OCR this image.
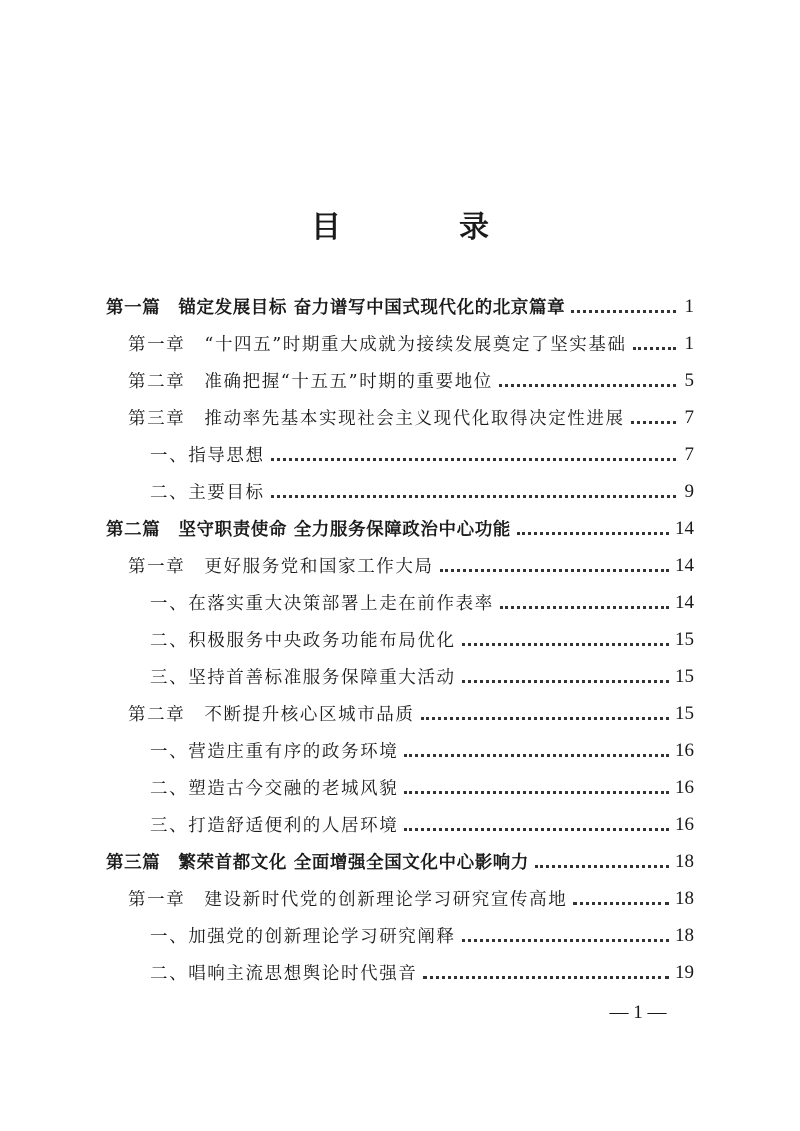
目　录
第一篇　锚定发展目标 奋力谱写中国式现代化的北京篇章	1
第一章　“十四五”时期重大成就为接续发展奠定了坚实基础	1
第二章　准确把握“十五五”时期的重要地位	5
第三章　推动率先基本实现社会主义现代化取得决定性进展	7
一、指导思想	7
二、主要目标	9
第二篇　坚守职责使命 全力服务保障政治中心功能	14
第一章　更好服务党和国家工作大局	14
一、在落实重大决策部署上走在前作表率	14
二、积极服务中央政务功能布局优化	15
三、坚持首善标准服务保障重大活动	15
第二章　不断提升核心区城市品质	15
一、营造庄重有序的政务环境	16
二、塑造古今交融的老城风貌	16
三、打造舒适便利的人居环境	16
第三篇　繁荣首都文化 全面增强全国文化中心影响力	18
第一章　建设新时代党的创新理论学习研究宣传高地	18
一、加强党的创新理论学习研究阐释	18
二、唱响主流思想舆论时代强音	19
— 1 —
